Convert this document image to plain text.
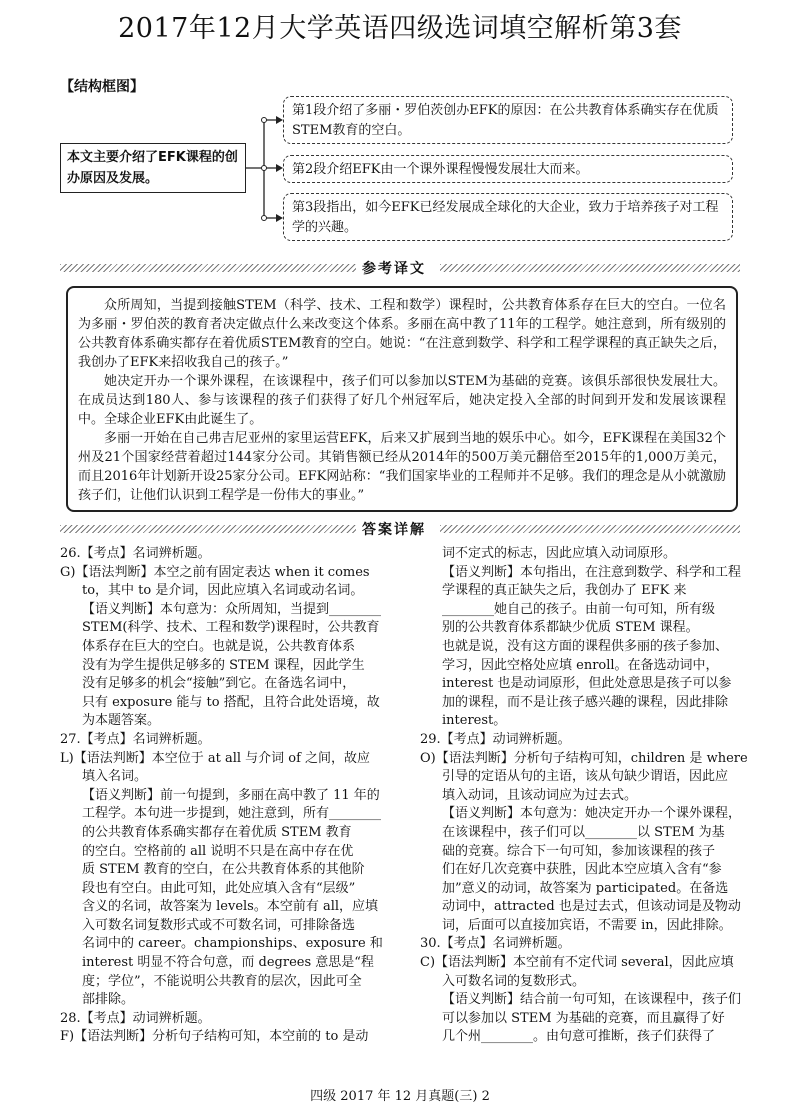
2017年12月大学英语四级选词填空解析第3套
【结构框图】
本文主要介绍了EFK课程的创办原因及发展。
第1段介绍了多丽・罗伯茨创办EFK的原因：在公共教育体系确实存在优质STEM教育的空白。
第2段介绍EFK由一个课外课程慢慢发展壮大而来。
第3段指出，如今EFK已经发展成全球化的大企业，致力于培养孩子对工程学的兴趣。
参考译文

众所周知，当提到接触STEM（科学、技术、工程和数学）课程时，公共教育体系存在巨大的空白。一位名为多丽・罗伯茨的教育者决定做点什么来改变这个体系。多丽在高中教了11年的工程学。她注意到，所有级别的公共教育体系确实都存在着优质STEM教育的空白。她说：“在注意到数学、科学和工程学课程的真正缺失之后，我创办了EFK来招收我自己的孩子。”

她决定开办一个课外课程，在该课程中，孩子们可以参加以STEM为基础的竞赛。该俱乐部很快发展壮大。在成员达到180人、参与该课程的孩子们获得了好几个州冠军后，她决定投入全部的时间到开发和发展该课程中。全球企业EFK由此诞生了。

多丽一开始在自己弗吉尼亚州的家里运营EFK，后来又扩展到当地的娱乐中心。如今，EFK课程在美国32个州及21个国家经营着超过144家分公司。其销售额已经从2014年的500万美元翻倍至2015年的1,000万美元，而且2016年计划新开设25家分公司。EFK网站称：“我们国家毕业的工程师并不足够。我们的理念是从小就激励孩子们，让他们认识到工程学是一份伟大的事业。”

答案详解
26.【考点】名词辨析题。
G)【语法判断】本空之前有固定表达 when it comes
to，其中 to 是介词，因此应填入名词或动名词。
【语义判断】本句意为：众所周知，当提到________
STEM(科学、技术、工程和数学)课程时，公共教育
体系存在巨大的空白。也就是说，公共教育体系
没有为学生提供足够多的 STEM 课程，因此学生
没有足够多的机会“接触”到它。在备选名词中，
只有 exposure 能与 to 搭配，且符合此处语境，故
为本题答案。
27.【考点】名词辨析题。
L)【语法判断】本空位于 at all 与介词 of 之间，故应
填入名词。
【语义判断】前一句提到，多丽在高中教了 11 年的
工程学。本句进一步提到，她注意到，所有________
的公共教育体系确实都存在着优质 STEM 教育
的空白。空格前的 all 说明不只是在高中存在优
质 STEM 教育的空白，在公共教育体系的其他阶
段也有空白。由此可知，此处应填入含有“层级”
含义的名词，故答案为 levels。本空前有 all，应填
入可数名词复数形式或不可数名词，可排除备选
名词中的 career。championships、exposure 和
interest 明显不符合句意，而 degrees 意思是“程
度；学位”，不能说明公共教育的层次，因此可全
部排除。
28.【考点】动词辨析题。
F)【语法判断】分析句子结构可知，本空前的 to 是动
词不定式的标志，因此应填入动词原形。
【语义判断】本句指出，在注意到数学、科学和工程
学课程的真正缺失之后，我创办了 EFK 来
________她自己的孩子。由前一句可知，所有级
别的公共教育体系都缺少优质 STEM 课程。
也就是说，没有这方面的课程供多丽的孩子参加、
学习，因此空格处应填 enroll。在备选动词中，
interest 也是动词原形，但此处意思是孩子可以参
加的课程，而不是让孩子感兴趣的课程，因此排除
interest。
29.【考点】动词辨析题。
O)【语法判断】分析句子结构可知，children 是 where
引导的定语从句的主语，该从句缺少谓语，因此应
填入动词，且该动词应为过去式。
【语义判断】本句意为：她决定开办一个课外课程，
在该课程中，孩子们可以________以 STEM 为基
础的竞赛。综合下一句可知，参加该课程的孩子
们在好几次竞赛中获胜，因此本空应填入含有“参
加”意义的动词，故答案为 participated。在备选
动词中，attracted 也是过去式，但该动词是及物动
词，后面可以直接加宾语，不需要 in，因此排除。
30.【考点】名词辨析题。
C)【语法判断】本空前有不定代词 several，因此应填
入可数名词的复数形式。
【语义判断】结合前一句可知，在该课程中，孩子们
可以参加以 STEM 为基础的竞赛，而且赢得了好
几个州________。由句意可推断，孩子们获得了
四级 2017 年 12 月真题(三) 2
